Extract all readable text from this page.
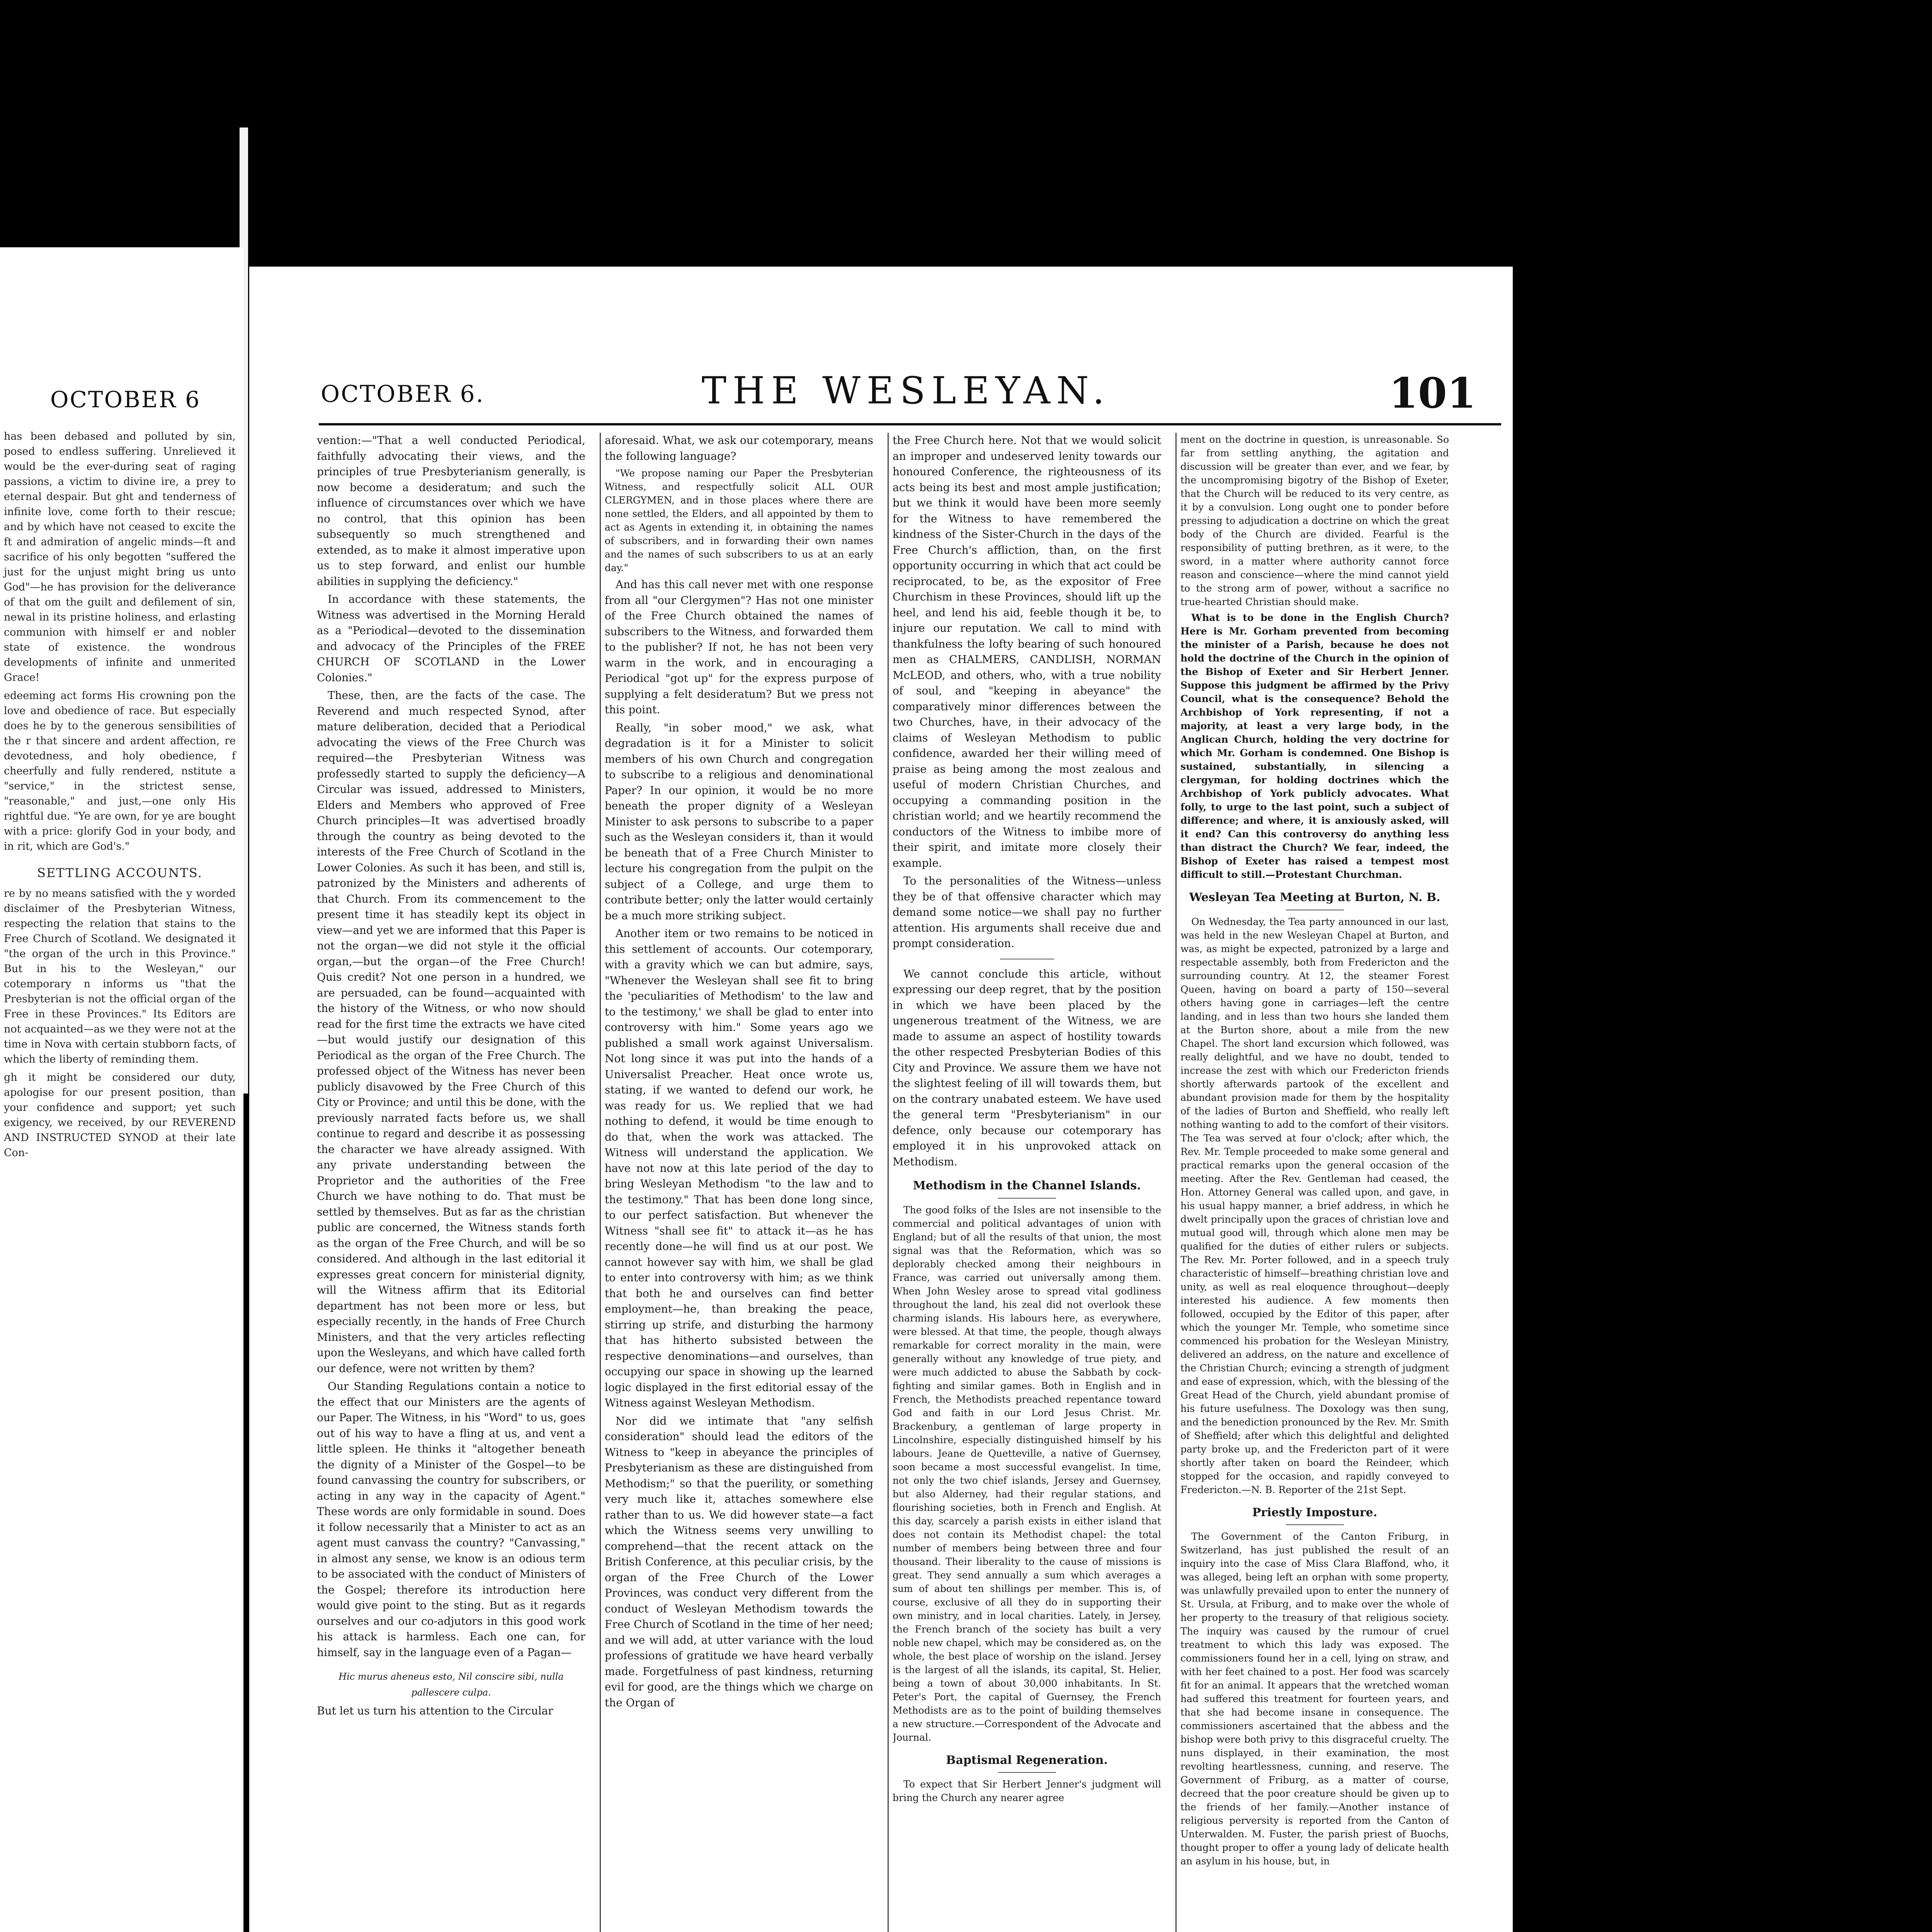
OCTOBER 6

has been debased and polluted by sin, posed to endless suffering. Unrelieved it would be the ever-during seat of raging passions, a victim to divine ire, a prey to eternal despair. But ght and tenderness of infinite love, come forth to their rescue; and by which have not ceased to excite the ft and admiration of angelic minds—ft and sacrifice of his only begotten "suffered the just for the unjust might bring us unto God"—he has provision for the deliverance of that om the guilt and defilement of sin, newal in its pristine holiness, and erlasting communion with himself er and nobler state of existence. the wondrous developments of infinite and unmerited Grace!

edeeming act forms His crowning pon the love and obedience of race. But especially does he by to the generous sensibilities of the r that sincere and ardent affection, re devotedness, and holy obedience, f cheerfully and fully rendered, nstitute a "service," in the strictest sense, "reasonable," and just,—one only His rightful due. "Ye are own, for ye are bought with a price: glorify God in your body, and in rit, which are God's."

SETTLING ACCOUNTS.

re by no means satisfied with the y worded disclaimer of the Presbyterian Witness, respecting the relation that stains to the Free Church of Scotland. We designated it "the organ of the urch in this Province." But in his to the Wesleyan," our cotemporary n informs us "that the Presbyterian is not the official organ of the Free in these Provinces." Its Editors are not acquainted—as we they were not at the time in Nova with certain stubborn facts, of which the liberty of reminding them.

gh it might be considered our duty, apologise for our present position, than your confidence and support; yet such exigency, we received, by our REVEREND AND INSTRUCTED SYNOD at their late Con-

OCTOBER 6.	THE WESLEYAN.	101

vention:—"That a well conducted Periodical, faithfully advocating their views, and the principles of true Presbyterianism generally, is now become a desideratum; and such the influence of circumstances over which we have no control, that this opinion has been subsequently so much strengthened and extended, as to make it almost imperative upon us to step forward, and enlist our humble abilities in supplying the deficiency."

In accordance with these statements, the Witness was advertised in the Morning Herald as a "Periodical—devoted to the dissemination and advocacy of the Principles of the FREE CHURCH OF SCOTLAND in the Lower Colonies."

These, then, are the facts of the case. The Reverend and much respected Synod, after mature deliberation, decided that a Periodical advocating the views of the Free Church was required—the Presbyterian Witness was professedly started to supply the deficiency—A Circular was issued, addressed to Ministers, Elders and Members who approved of Free Church principles—It was advertised broadly through the country as being devoted to the interests of the Free Church of Scotland in the Lower Colonies. As such it has been, and still is, patronized by the Ministers and adherents of that Church. From its commencement to the present time it has steadily kept its object in view—and yet we are informed that this Paper is not the organ—we did not style it the official organ,—but the organ—of the Free Church! Quis credit? Not one person in a hundred, we are persuaded, can be found—acquainted with the history of the Witness, or who now should read for the first time the extracts we have cited—but would justify our designation of this Periodical as the organ of the Free Church. The professed object of the Witness has never been publicly disavowed by the Free Church of this City or Province; and until this be done, with the previously narrated facts before us, we shall continue to regard and describe it as possessing the character we have already assigned. With any private understanding between the Proprietor and the authorities of the Free Church we have nothing to do. That must be settled by themselves. But as far as the christian public are concerned, the Witness stands forth as the organ of the Free Church, and will be so considered. And although in the last editorial it expresses great concern for ministerial dignity, will the Witness affirm that its Editorial department has not been more or less, but especially recently, in the hands of Free Church Ministers, and that the very articles reflecting upon the Wesleyans, and which have called forth our defence, were not written by them?

Our Standing Regulations contain a notice to the effect that our Ministers are the agents of our Paper. The Witness, in his "Word" to us, goes out of his way to have a fling at us, and vent a little spleen. He thinks it "altogether beneath the dignity of a Minister of the Gospel—to be found canvassing the country for subscribers, or acting in any way in the capacity of Agent." These words are only formidable in sound. Does it follow necessarily that a Minister to act as an agent must canvass the country? "Canvassing," in almost any sense, we know is an odious term to be associated with the conduct of Ministers of the Gospel; therefore its introduction here would give point to the sting. But as it regards ourselves and our co-adjutors in this good work his attack is harmless. Each one can, for himself, say in the language even of a Pagan—

Hic murus aheneus esto, Nil conscire sibi, nulla pallescere culpa.

But let us turn his attention to the Circular

aforesaid. What, we ask our cotemporary, means the following language?

"We propose naming our Paper the Presbyterian Witness, and respectfully solicit ALL OUR CLERGYMEN, and in those places where there are none settled, the Elders, and all appointed by them to act as Agents in extending it, in obtaining the names of subscribers, and in forwarding their own names and the names of such subscribers to us at an early day."

And has this call never met with one response from all "our Clergymen"? Has not one minister of the Free Church obtained the names of subscribers to the Witness, and forwarded them to the publisher? If not, he has not been very warm in the work, and in encouraging a Periodical "got up" for the express purpose of supplying a felt desideratum? But we press not this point.

Really, "in sober mood," we ask, what degradation is it for a Minister to solicit members of his own Church and congregation to subscribe to a religious and denominational Paper? In our opinion, it would be no more beneath the proper dignity of a Wesleyan Minister to ask persons to subscribe to a paper such as the Wesleyan considers it, than it would be beneath that of a Free Church Minister to lecture his congregation from the pulpit on the subject of a College, and urge them to contribute better; only the latter would certainly be a much more striking subject.

Another item or two remains to be noticed in this settlement of accounts. Our cotemporary, with a gravity which we can but admire, says, "Whenever the Wesleyan shall see fit to bring the 'peculiarities of Methodism' to the law and to the testimony,' we shall be glad to enter into controversy with him." Some years ago we published a small work against Universalism. Not long since it was put into the hands of a Universalist Preacher. Heat once wrote us, stating, if we wanted to defend our work, he was ready for us. We replied that we had nothing to defend, it would be time enough to do that, when the work was attacked. The Witness will understand the application. We have not now at this late period of the day to bring Wesleyan Methodism "to the law and to the testimony." That has been done long since, to our perfect satisfaction. But whenever the Witness "shall see fit" to attack it—as he has recently done—he will find us at our post. We cannot however say with him, we shall be glad to enter into controversy with him; as we think that both he and ourselves can find better employment—he, than breaking the peace, stirring up strife, and disturbing the harmony that has hitherto subsisted between the respective denominations—and ourselves, than occupying our space in showing up the learned logic displayed in the first editorial essay of the Witness against Wesleyan Methodism.

Nor did we intimate that "any selfish consideration" should lead the editors of the Witness to "keep in abeyance the principles of Presbyterianism as these are distinguished from Methodism;" so that the puerility, or something very much like it, attaches somewhere else rather than to us. We did however state—a fact which the Witness seems very unwilling to comprehend—that the recent attack on the British Conference, at this peculiar crisis, by the organ of the Free Church of the Lower Provinces, was conduct very different from the conduct of Wesleyan Methodism towards the Free Church of Scotland in the time of her need; and we will add, at utter variance with the loud professions of gratitude we have heard verbally made. Forgetfulness of past kindness, returning evil for good, are the things which we charge on the Organ of

the Free Church here. Not that we would solicit an improper and undeserved lenity towards our honoured Conference, the righteousness of its acts being its best and most ample justification; but we think it would have been more seemly for the Witness to have remembered the kindness of the Sister-Church in the days of the Free Church's affliction, than, on the first opportunity occurring in which that act could be reciprocated, to be, as the expositor of Free Churchism in these Provinces, should lift up the heel, and lend his aid, feeble though it be, to injure our reputation. We call to mind with thankfulness the lofty bearing of such honoured men as CHALMERS, CANDLISH, NORMAN McLEOD, and others, who, with a true nobility of soul, and "keeping in abeyance" the comparatively minor differences between the two Churches, have, in their advocacy of the claims of Wesleyan Methodism to public confidence, awarded her their willing meed of praise as being among the most zealous and useful of modern Christian Churches, and occupying a commanding position in the christian world; and we heartily recommend the conductors of the Witness to imbibe more of their spirit, and imitate more closely their example.

To the personalities of the Witness—unless they be of that offensive character which may demand some notice—we shall pay no further attention. His arguments shall receive due and prompt consideration.

We cannot conclude this article, without expressing our deep regret, that by the position in which we have been placed by the ungenerous treatment of the Witness, we are made to assume an aspect of hostility towards the other respected Presbyterian Bodies of this City and Province. We assure them we have not the slightest feeling of ill will towards them, but on the contrary unabated esteem. We have used the general term "Presbyterianism" in our defence, only because our cotemporary has employed it in his unprovoked attack on Methodism.

Methodism in the Channel Islands.

The good folks of the Isles are not insensible to the commercial and political advantages of union with England; but of all the results of that union, the most signal was that the Reformation, which was so deplorably checked among their neighbours in France, was carried out universally among them. When John Wesley arose to spread vital godliness throughout the land, his zeal did not overlook these charming islands. His labours here, as everywhere, were blessed. At that time, the people, though always remarkable for correct morality in the main, were generally without any knowledge of true piety, and were much addicted to abuse the Sabbath by cock-fighting and similar games. Both in English and in French, the Methodists preached repentance toward God and faith in our Lord Jesus Christ. Mr. Brackenbury, a gentleman of large property in Lincolnshire, especially distinguished himself by his labours. Jeane de Quetteville, a native of Guernsey, soon became a most successful evangelist. In time, not only the two chief islands, Jersey and Guernsey, but also Alderney, had their regular stations, and flourishing societies, both in French and English. At this day, scarcely a parish exists in either island that does not contain its Methodist chapel: the total number of members being between three and four thousand. Their liberality to the cause of missions is great. They send annually a sum which averages a sum of about ten shillings per member. This is, of course, exclusive of all they do in supporting their own ministry, and in local charities. Lately, in Jersey, the French branch of the society has built a very noble new chapel, which may be considered as, on the whole, the best place of worship on the island. Jersey is the largest of all the islands, its capital, St. Helier, being a town of about 30,000 inhabitants. In St. Peter's Port, the capital of Guernsey, the French Methodists are as to the point of building themselves a new structure.—Correspondent of the Advocate and Journal.

Baptismal Regeneration.

To expect that Sir Herbert Jenner's judgment will bring the Church any nearer agree

ment on the doctrine in question, is unreasonable. So far from settling anything, the agitation and discussion will be greater than ever, and we fear, by the uncompromising bigotry of the Bishop of Exeter, that the Church will be reduced to its very centre, as it by a convulsion. Long ought one to ponder before pressing to adjudication a doctrine on which the great body of the Church are divided. Fearful is the responsibility of putting brethren, as it were, to the sword, in a matter where authority cannot force reason and conscience—where the mind cannot yield to the strong arm of power, without a sacrifice no true-hearted Christian should make.

What is to be done in the English Church? Here is Mr. Gorham prevented from becoming the minister of a Parish, because he does not hold the doctrine of the Church in the opinion of the Bishop of Exeter and Sir Herbert Jenner. Suppose this judgment be affirmed by the Privy Council, what is the consequence? Behold the Archbishop of York representing, if not a majority, at least a very large body, in the Anglican Church, holding the very doctrine for which Mr. Gorham is condemned. One Bishop is sustained, substantially, in silencing a clergyman, for holding doctrines which the Archbishop of York publicly advocates. What folly, to urge to the last point, such a subject of difference; and where, it is anxiously asked, will it end? Can this controversy do anything less than distract the Church? We fear, indeed, the Bishop of Exeter has raised a tempest most difficult to still.—Protestant Churchman.

Wesleyan Tea Meeting at Burton, N. B.

On Wednesday, the Tea party announced in our last, was held in the new Wesleyan Chapel at Burton, and was, as might be expected, patronized by a large and respectable assembly, both from Fredericton and the surrounding country. At 12, the steamer Forest Queen, having on board a party of 150—several others having gone in carriages—left the centre landing, and in less than two hours she landed them at the Burton shore, about a mile from the new Chapel. The short land excursion which followed, was really delightful, and we have no doubt, tended to increase the zest with which our Fredericton friends shortly afterwards partook of the excellent and abundant provision made for them by the hospitality of the ladies of Burton and Sheffield, who really left nothing wanting to add to the comfort of their visitors. The Tea was served at four o'clock; after which, the Rev. Mr. Temple proceeded to make some general and practical remarks upon the general occasion of the meeting. After the Rev. Gentleman had ceased, the Hon. Attorney General was called upon, and gave, in his usual happy manner, a brief address, in which he dwelt principally upon the graces of christian love and mutual good will, through which alone men may be qualified for the duties of either rulers or subjects. The Rev. Mr. Porter followed, and in a speech truly characteristic of himself—breathing christian love and unity, as well as real eloquence throughout—deeply interested his audience. A few moments then followed, occupied by the Editor of this paper, after which the younger Mr. Temple, who sometime since commenced his probation for the Wesleyan Ministry, delivered an address, on the nature and excellence of the Christian Church; evincing a strength of judgment and ease of expression, which, with the blessing of the Great Head of the Church, yield abundant promise of his future usefulness. The Doxology was then sung, and the benediction pronounced by the Rev. Mr. Smith of Sheffield; after which this delightful and delighted party broke up, and the Fredericton part of it were shortly after taken on board the Reindeer, which stopped for the occasion, and rapidly conveyed to Fredericton.—N. B. Reporter of the 21st Sept.

Priestly Imposture.

The Government of the Canton Friburg, in Switzerland, has just published the result of an inquiry into the case of Miss Clara Blaffond, who, it was alleged, being left an orphan with some property, was unlawfully prevailed upon to enter the nunnery of St. Ursula, at Friburg, and to make over the whole of her property to the treasury of that religious society. The inquiry was caused by the rumour of cruel treatment to which this lady was exposed. The commissioners found her in a cell, lying on straw, and with her feet chained to a post. Her food was scarcely fit for an animal. It appears that the wretched woman had suffered this treatment for fourteen years, and that she had become insane in consequence. The commissioners ascertained that the abbess and the bishop were both privy to this disgraceful cruelty. The nuns displayed, in their examination, the most revolting heartlessness, cunning, and reserve. The Government of Friburg, as a matter of course, decreed that the poor creature should be given up to the friends of her family.—Another instance of religious perversity is reported from the Canton of Unterwalden. M. Fuster, the parish priest of Buochs, thought proper to offer a young lady of delicate health an asylum in his house, but, in
